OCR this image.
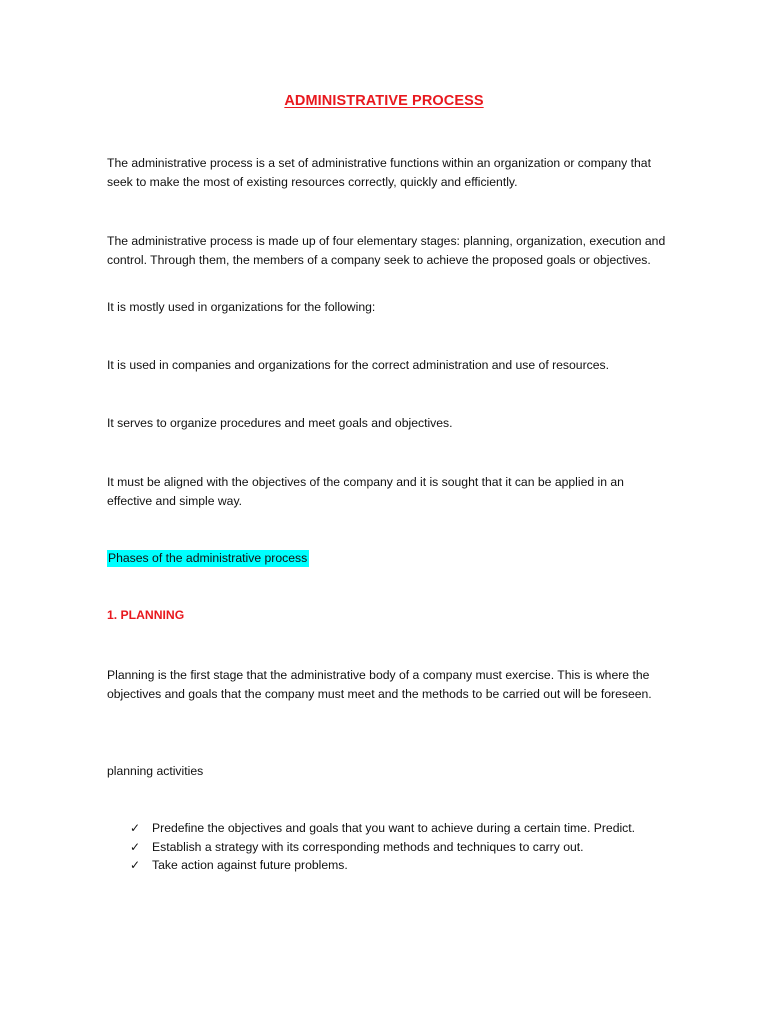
ADMINISTRATIVE PROCESS

The administrative process is a set of administrative functions within an organization or company that seek to make the most of existing resources correctly, quickly and efficiently.

The administrative process is made up of four elementary stages: planning, organization, execution and control. Through them, the members of a company seek to achieve the proposed goals or objectives.

It is mostly used in organizations for the following:

It is used in companies and organizations for the correct administration and use of resources.

It serves to organize procedures and meet goals and objectives.

It must be aligned with the objectives of the company and it is sought that it can be applied in an effective and simple way.

Phases of the administrative process
1. PLANNING

Planning is the first stage that the administrative body of a company must exercise. This is where the objectives and goals that the company must meet and the methods to be carried out will be foreseen.

planning activities

✓ Predefine the objectives and goals that you want to achieve during a certain time. Predict.
✓ Establish a strategy with its corresponding methods and techniques to carry out.
✓ Take action against future problems.
